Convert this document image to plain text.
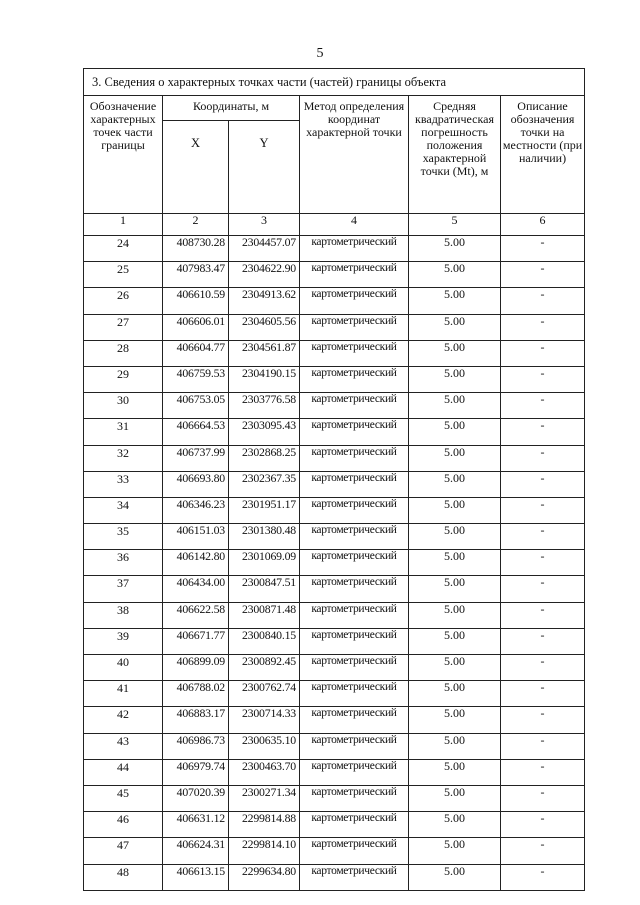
5
3. Сведения о характерных точках части (частей) границы объекта					
Обозначение характерных точек части границы	Координаты, м		Метод определения координат характерной точки	Средняя квадратическая погрешность положения характерной точки (Mt), м	Описание обозначения точки на местности (при наличии)
	X	Y			
1	2	3	4	5	6
24	408730.28	2304457.07	картометрический	5.00	-
25	407983.47	2304622.90	картометрический	5.00	-
26	406610.59	2304913.62	картометрический	5.00	-
27	406606.01	2304605.56	картометрический	5.00	-
28	406604.77	2304561.87	картометрический	5.00	-
29	406759.53	2304190.15	картометрический	5.00	-
30	406753.05	2303776.58	картометрический	5.00	-
31	406664.53	2303095.43	картометрический	5.00	-
32	406737.99	2302868.25	картометрический	5.00	-
33	406693.80	2302367.35	картометрический	5.00	-
34	406346.23	2301951.17	картометрический	5.00	-
35	406151.03	2301380.48	картометрический	5.00	-
36	406142.80	2301069.09	картометрический	5.00	-
37	406434.00	2300847.51	картометрический	5.00	-
38	406622.58	2300871.48	картометрический	5.00	-
39	406671.77	2300840.15	картометрический	5.00	-
40	406899.09	2300892.45	картометрический	5.00	-
41	406788.02	2300762.74	картометрический	5.00	-
42	406883.17	2300714.33	картометрический	5.00	-
43	406986.73	2300635.10	картометрический	5.00	-
44	406979.74	2300463.70	картометрический	5.00	-
45	407020.39	2300271.34	картометрический	5.00	-
46	406631.12	2299814.88	картометрический	5.00	-
47	406624.31	2299814.10	картометрический	5.00	-
48	406613.15	2299634.80	картометрический	5.00	-
